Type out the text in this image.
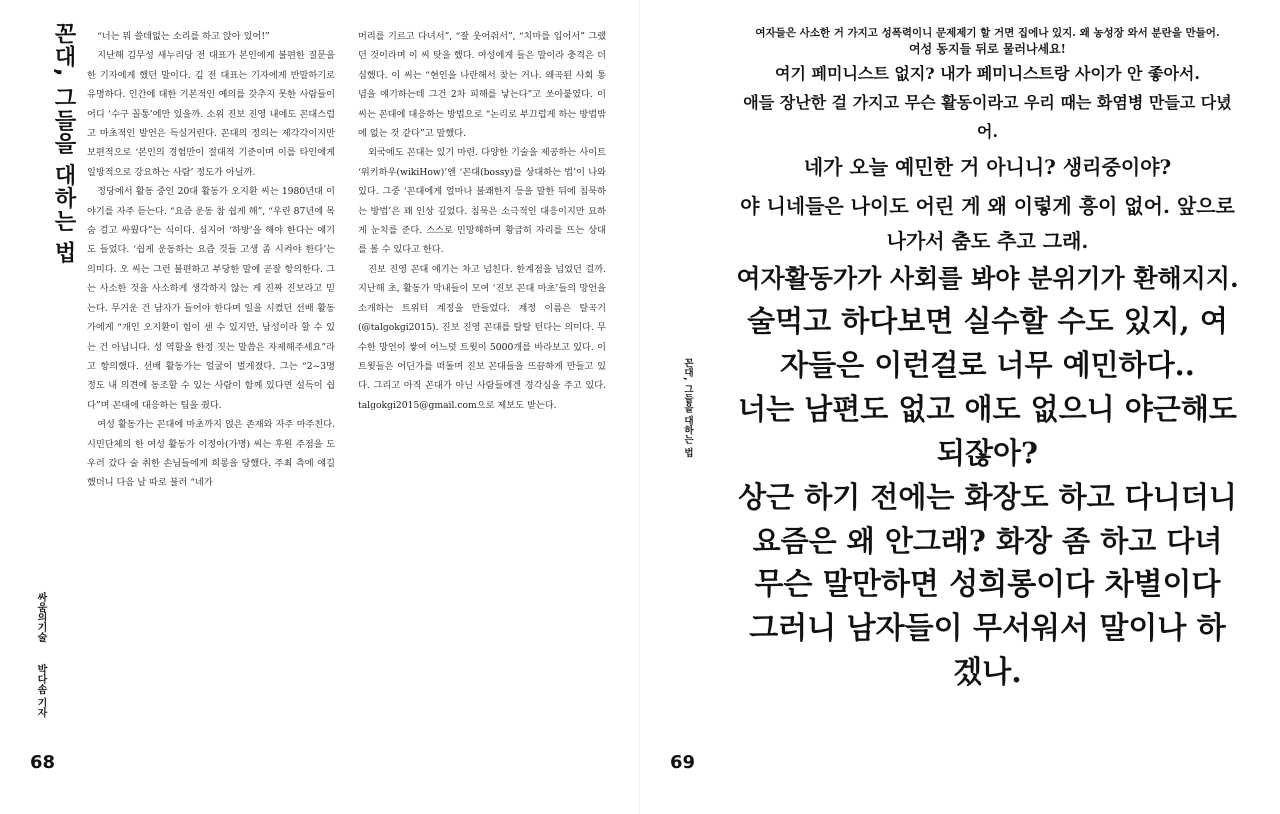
꼰대, 그들을 대하는 법	“너는 뭐 쓸데없는 소리를 하고 앉아 있어!”

지난해 김무성 새누리당 전 대표가 본인에게 불편한 질문을 한 기자에게 했던 말이다. 김 전 대표는 기자에게 반말하기로 유명하다. 인간에 대한 기본적인 예의를 갖추지 못한 사람들이 어디 ‘수구 꼴통’에만 있을까. 소위 진보 진영 내에도 꼰대스럽고 마초적인 발언은 득실거린다. 꼰대의 정의는 제각각이지만 보편적으로 ‘본인의 경험만이 절대적 기준이며 이를 타인에게 일방적으로 강요하는 사람’ 정도가 아닐까.

정당에서 활동 중인 20대 활동가 오지환 씨는 1980년대 이야기를 자주 듣는다. “요즘 운동 참 쉽게 해”, “우린 87년에 목숨 걸고 싸웠다”는 식이다. 심지어 ‘하방’을 해야 한다는 얘기도 들었다. ‘쉽게 운동하는 요즘 것들 고생 좀 시켜야 한다’는 의미다. 오 씨는 그런 불편하고 부당한 말에 곧잘 항의한다. 그는 사소한 것을 사소하게 생각하지 않는 게 진짜 진보라고 믿는다. 무거운 건 남자가 들어야 한다며 일을 시켰던 선배 활동가에게 “개인 오지환이 힘이 센 수 있지만, 남성이라 할 수 있는 건 아닙니다. 성 역할을 한정 짓는 말씀은 자제해주세요”라고 항의했다. 선배 활동가는 얼굴이 벌게졌다. 그는 “2~3명 정도 내 의견에 동조할 수 있는 사람이 함께 있다면 설득이 쉽다”며 꼰대에 대응하는 팁을 줬다.

여성 활동가는 꼰대에 마초까지 얹은 존재와 자주 마주친다. 시민단체의 한 여성 활동가 이정아(가명) 씨는 후원 주점을 도우러 갔다 술 취한 손님들에게 희롱을 당했다. 주최 측에 얘길 했더니 다음 날 따로 불러 “네가

머리를 기르고 다녀서”, “잘 웃어줘서”, “치마를 입어서” 그랬던 것이라며 이 씨 탓을 했다. 여성에게 들은 말이라 충격은 더 심했다. 이 씨는 “현인을 나란해서 찾는 거나. 왜곡된 사회 통념을 얘기하는데 그건 2차 피해를 낳는다”고 쏘아붙였다. 이 씨는 꼰대에 대응하는 방법으로 “논리로 부끄럽게 하는 방법밖에 없는 것 같다”고 말했다.

외국에도 꼰대는 있기 마련. 다양한 기술을 제공하는 사이트 ‘위키하우(wikiHow)’엔 ‘꼰대(bossy)를 상대하는 법’이 나와 있다. 그중 ‘꼰대에게 얼마나 불쾌한지 등을 말한 뒤에 침묵하는 방법’은 꽤 인상 깊었다. 침묵은 소극적인 대응이지만 묘하게 눈치를 준다. 스스로 민망해하며 황급히 자리를 뜨는 상대를 볼 수 있다고 한다.

진보 진영 꼰대 얘기는 차고 넘친다. 한계점을 넘었던 걸까. 지난해 초, 활동가 막내들이 모여 ‘진보 꼰대 마초’들의 망언을 소개하는 트위터 계정을 만들었다. 계정 이름은 탈곡기(@talgokgi2015). 진보 진영 꼰대를 탈탈 턴다는 의미다. 무수한 망언이 쌓여 어느덧 트윗이 5000개를 바라보고 있다. 이 트윗들은 어딘가를 떠돌며 진보 꼰대들을 뜨끔하게 만들고 있다. 그리고 아직 꼰대가 아닌 사람들에겐 경각심을 주고 있다. talgokgi2015@gmail.com으로 제보도 받는다.

싸움의기술
박다솜 기자
68
꼰대, 그들을 대하는 법

여자들은 사소한 거 가지고 성폭력이니 문제제기 할 거면 집에나 있지. 왜 농성장 와서 분란을 만들어.

여성 동지들 뒤로 물러나세요!

여기 페미니스트 없지? 내가 페미니스트랑 사이가 안 좋아서.

애들 장난한 걸 가지고 무슨 활동이라고 우리 때는 화염병 만들고 다녔어.

네가 오늘 예민한 거 아니니? 생리중이야?

야 니네들은 나이도 어린 게 왜 이렇게 흥이 없어. 앞으로 나가서 춤도 추고 그래.

여자활동가가 사회를 봐야 분위기가 환해지지.

술먹고 하다보면 실수할 수도 있지, 여자들은 이런걸로 너무 예민하다..

너는 남편도 없고 애도 없으니 야근해도 되잖아?

상근 하기 전에는 화장도 하고 다니더니 요즘은 왜 안그래? 화장 좀 하고 다녀

무슨 말만하면 성희롱이다 차별이다 그러니 남자들이 무서워서 말이나 하겠나.

69
